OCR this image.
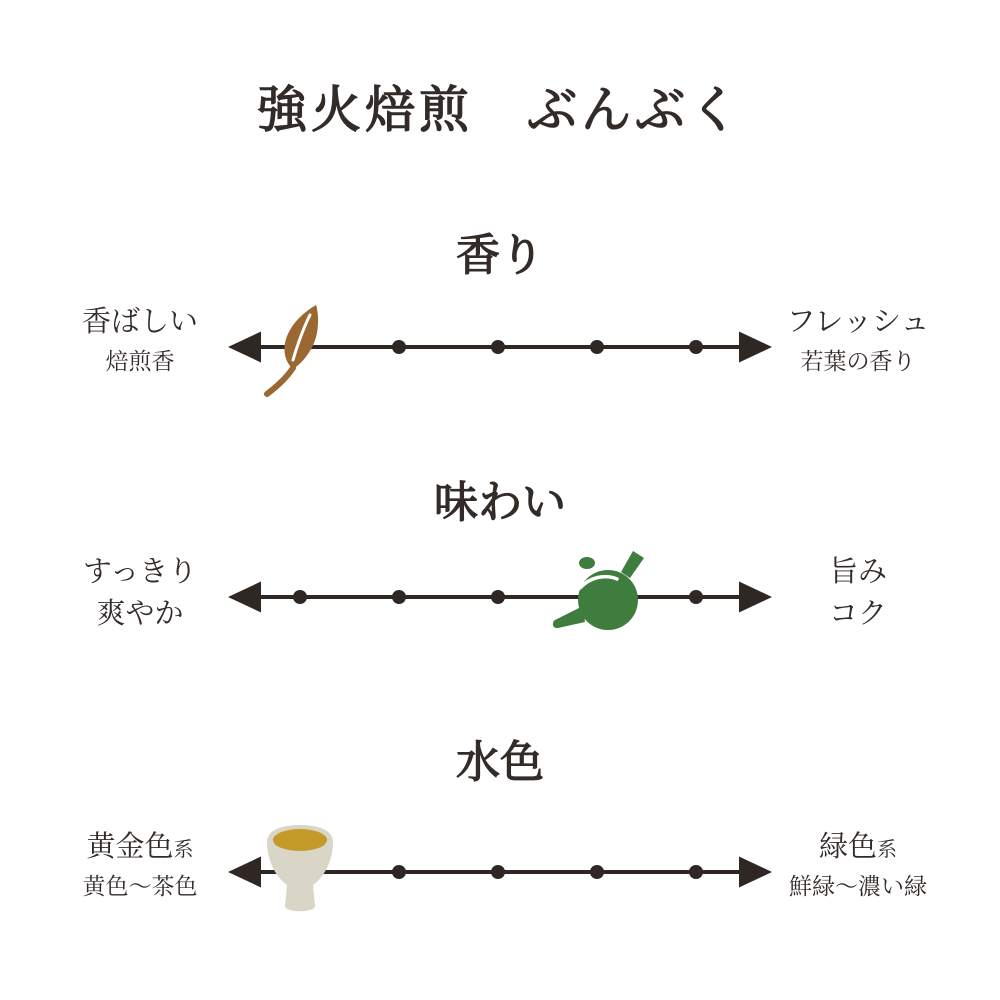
強火焙煎　ぶんぶく
香り
香ばしい
焙煎香
フレッシュ
若葉の香り
味わい
すっきり
爽やか
旨み
コク
水色
黄金色系
黄色〜茶色
緑色系
鮮緑〜濃い緑
